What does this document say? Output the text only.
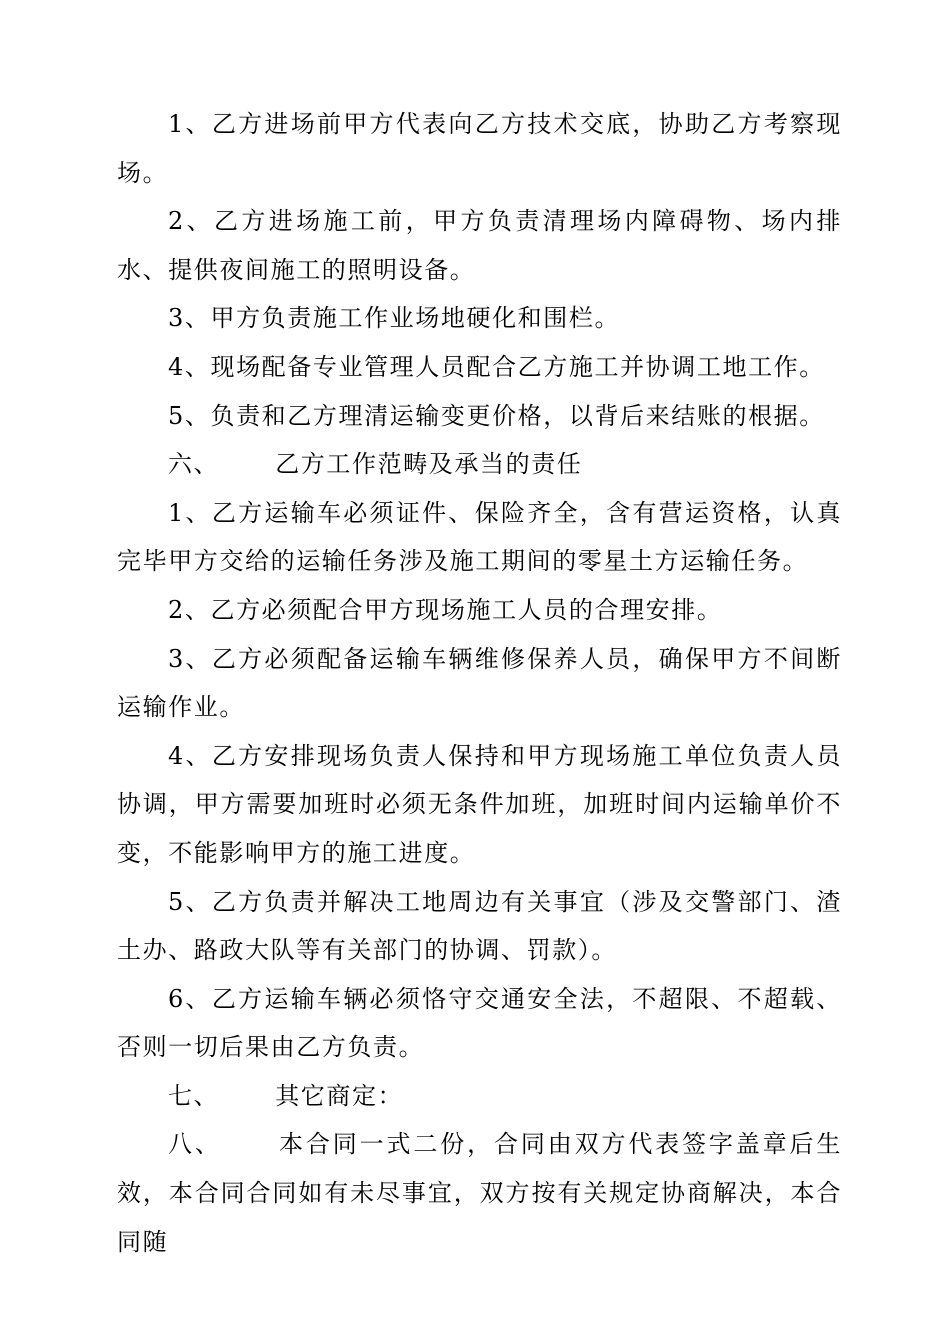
1、乙方进场前甲方代表向乙方技术交底，协助乙方考察现场。

2、乙方进场施工前，甲方负责清理场内障碍物、场内排水、提供夜间施工的照明设备。

3、甲方负责施工作业场地硬化和围栏。

4、现场配备专业管理人员配合乙方施工并协调工地工作。

5、负责和乙方理清运输变更价格，以背后来结账的根据。

六、 乙方工作范畴及承当的责任

1、乙方运输车必须证件、保险齐全，含有营运资格，认真完毕甲方交给的运输任务涉及施工期间的零星土方运输任务。

2、乙方必须配合甲方现场施工人员的合理安排。

3、乙方必须配备运输车辆维修保养人员，确保甲方不间断运输作业。

4、乙方安排现场负责人保持和甲方现场施工单位负责人员协调，甲方需要加班时必须无条件加班，加班时间内运输单价不变，不能影响甲方的施工进度。

5、乙方负责并解决工地周边有关事宜（涉及交警部门、渣土办、路政大队等有关部门的协调、罚款）。

6、乙方运输车辆必须恪守交通安全法，不超限、不超载、否则一切后果由乙方负责。

七、 其它商定：

八、 本合同一式二份，合同由双方代表签字盖章后生效，本合同合同如有未尽事宜，双方按有关规定协商解决，本合同随
